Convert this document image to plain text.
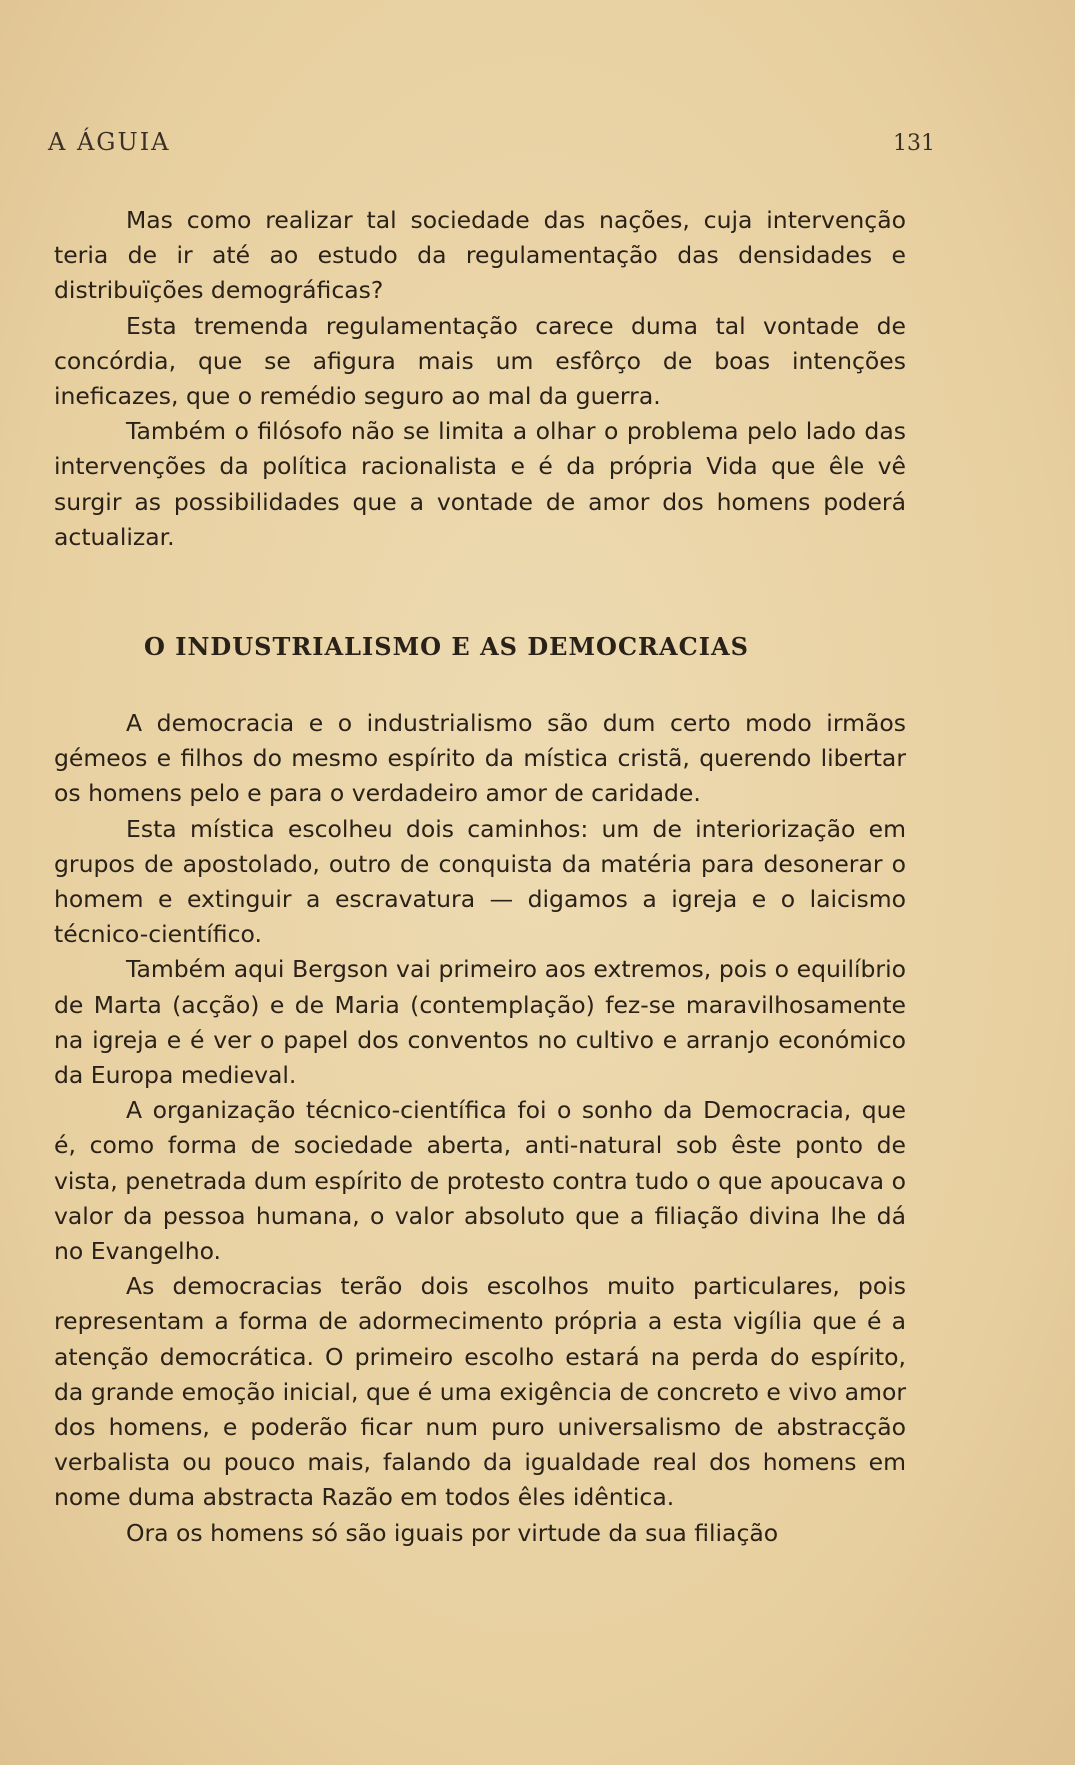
A ÁGUIA	131

Mas como realizar tal sociedade das nações, cuja intervenção teria de ir até ao estudo da regulamentação das densidades e distribuïções demográficas?

Esta tremenda regulamentação carece duma tal vontade de concórdia, que se afigura mais um esfôrço de boas intenções ineficazes, que o remédio seguro ao mal da guerra.

Também o filósofo não se limita a olhar o problema pelo lado das intervenções da política racionalista e é da própria Vida que êle vê surgir as possibilidades que a vontade de amor dos homens poderá actualizar.

O INDUSTRIALISMO E AS DEMOCRACIAS

A democracia e o industrialismo são dum certo modo irmãos gémeos e filhos do mesmo espírito da mística cristã, querendo libertar os homens pelo e para o verdadeiro amor de caridade.

Esta mística escolheu dois caminhos: um de interiorização em grupos de apostolado, outro de conquista da matéria para desonerar o homem e extinguir a escravatura — digamos a igreja e o laicismo técnico-científico.

Também aqui Bergson vai primeiro aos extremos, pois o equilíbrio de Marta (acção) e de Maria (contemplação) fez-se maravilhosamente na igreja e é ver o papel dos conventos no cultivo e arranjo económico da Europa medieval.

A organização técnico-científica foi o sonho da Democracia, que é, como forma de sociedade aberta, anti-natural sob êste ponto de vista, penetrada dum espírito de protesto contra tudo o que apoucava o valor da pessoa humana, o valor absoluto que a filiação divina lhe dá no Evangelho.

As democracias terão dois escolhos muito particulares, pois representam a forma de adormecimento própria a esta vigília que é a atenção democrática. O primeiro escolho estará na perda do espírito, da grande emoção inicial, que é uma exigência de concreto e vivo amor dos homens, e poderão ficar num puro universalismo de abstracção verbalista ou pouco mais, falando da igualdade real dos homens em nome duma abstracta Razão em todos êles idêntica.

Ora os homens só são iguais por virtude da sua filiação
